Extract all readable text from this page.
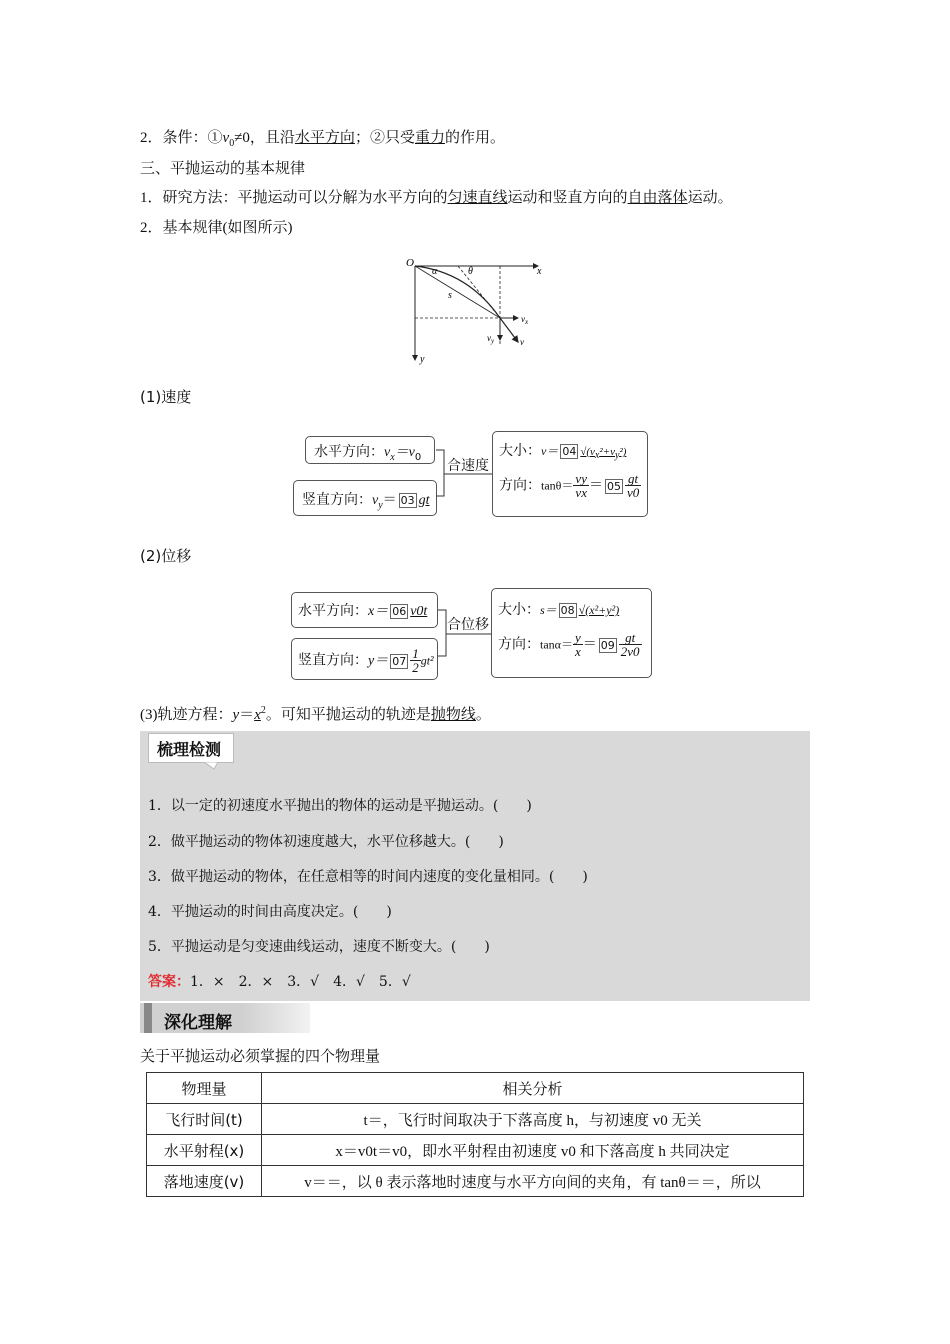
2．条件：$①v_0\ne 0$，且沿水平方向；②只受重力的作用。
三、平抛运动的基本规律
1．研究方法：平抛运动可以分解为水平方向的匀速直线运动和竖直方向的自由落体运动。
2．基本规律(如图所示)
O
x
y
α	θ
s
$v_x$
$v_y$	v
(1)速度
水平方向：$v_x=v_0$
竖直方向：$v_y= 03$ gt
合速度
大小：v＝ 04 $√(v_x^2+v_y^2)$
方向：$\tan\theta= \frac{vy}{vx} = 05 \frac{gt}{v0}$
(2)位移
水平方向：x＝ 06 v0t
竖直方向：$y= 07 \frac{1}{2} gt^2$
合位移
大小：s＝ 08 √(x²+y²)
方向：$\tan\alpha= \frac{y}{x} = 09 \frac{gt}{2v0}$
(3)轨迹方程：$y=x^2$。可知平抛运动的轨迹是抛物线。
梳理检测
1．以一定的初速度水平抛出的物体的运动是平抛运动。(　　)
2．做平抛运动的物体初速度越大，水平位移越大。(　　)
3．做平抛运动的物体，在任意相等的时间内速度的变化量相同。(　　)
4．平抛运动的时间由高度决定。(　　)
5．平抛运动是匀变速曲线运动，速度不断变大。(　　)
答案：1．×　2．×　3．√　4．√　5．√
深化理解
关于平抛运动必须掌握的四个物理量
物理量	相关分析
飞行时间(t)	t＝，飞行时间取决于下落高度 h，与初速度 v0 无关
水平射程(x)	x＝v0t＝v0，即水平射程由初速度 v0 和下落高度 h 共同决定
落地速度(v)	v＝＝，以 θ 表示落地时速度与水平方向间的夹角，有 tanθ＝＝，所以
